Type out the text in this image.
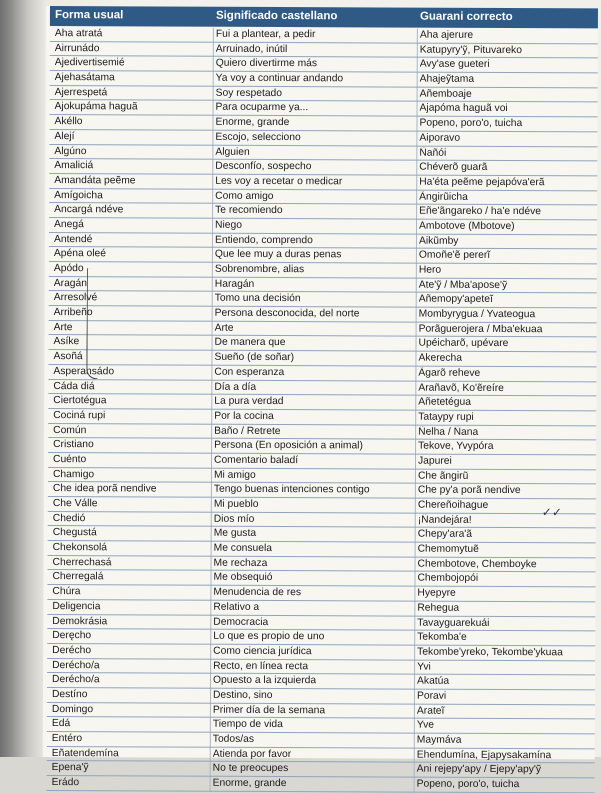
Forma usual	Significado castellano	Guarani correcto
Aha atratá	Fui a plantear, a pedir	Aha ajerure
Airrunádo	Arruinado, inútil	Katupyry'ỹ, Pituvareko
Ajedivertisemié	Quiero divertirme más	Avy'ase gueteri
Ajehasátama	Ya voy a continuar andando	Ahajeỹtama
Ajerrespetá	Soy respetado	Añemboaje
Ajokupáma haguã	Para ocuparme ya...	Ajapóma haguã voi
Akéllo	Enorme, grande	Popeno, poro'o, tuicha
Alejí	Escojo, selecciono	Aiporavo
Algúno	Alguien	Ñañói
Amaliciá	Desconfío, sospecho	Chéverõ guarã
Amandáta peẽme	Les voy a recetar o medicar	Ha'éta peẽme pejapóva'erã
Amígoicha	Como amigo	Ãngirũicha
Ancargá ndéve	Te recomiendo	Eñe'ãngareko / ha'e ndéve
Anegá	Niego	Ambotove (Mbotove)
Antendé	Entiendo, comprendo	Aikũmby
Apéna oleé	Que lee muy a duras penas	Omoñe'ẽ pererĩ
Apódo	Sobrenombre, alias	Hero
Aragán	Haragán	Ate'ỹ / Mba'apose'ỹ
Arresolvé	Tomo una decisión	Añemopy'apeteĩ
Arribeño	Persona desconocida, del norte	Mombyrygua / Yvateogua
Arte	Arte	Porãguerojera / Mba'ekuaa
Asíke	De manera que	Upéicharõ, upévare
Asoñá	Sueño (de soñar)	Akerecha
Asperansádo	Con esperanza	Ãgarõ reheve
Cáda diá	Día a día	Arañavõ, Ko'ẽreíre
Ciertotégua	La pura verdad	Añetetégua
Cociná rupi	Por la cocina	Tataypy rupi
Común	Baño / Retrete	Ñelha / Ñana
Cristiano	Persona (En oposición a animal)	Tekove, Yvypóra
Cuénto	Comentario baladí	Japurei
Chamigo	Mi amigo	Che ãngirũ
Che idea porã nendive	Tengo buenas intenciones contigo	Che py'a porã nendive
Che Válle	Mi pueblo	Chereñoihague
Chedió	Dios mío	¡Ñandejára!
Chegustá	Me gusta	Chepy'ara'ã
Chekonsolá	Me consuela	Chemomytuẽ
Cherrechasá	Me rechaza	Chembotove, Chemboyke
Cherregalá	Me obsequió	Chembojopói
Chúra	Menudencia de res	Hyepyre
Deligencia	Relativo a	Rehegua
Demokrásia	Democracia	Tavayguarekuái
Deręcho	Lo que es propio de uno	Tekomba'e
Derécho	Como ciencia jurídica	Tekombe'yreko, Tekombe'ykuaa
Derécho/a	Recto, en línea recta	Yvi
Derécho/a	Opuesto a la izquierda	Akatúa
Destíno	Destino, sino	Poravi
Domingo	Primer día de la semana	Arateĩ
Edá	Tiempo de vida	Yve
Entéro	Todos/as	Maymáva
Eñatendemína	Atienda por favor	Ehendumína, Ejapysakamína
Epena'ỹ	No te preocupes	Ani rejepy'apy / Ejepy'apy'ỹ
Erádo	Enorme, grande	Popeno, poro'o, tuicha
✓✓
